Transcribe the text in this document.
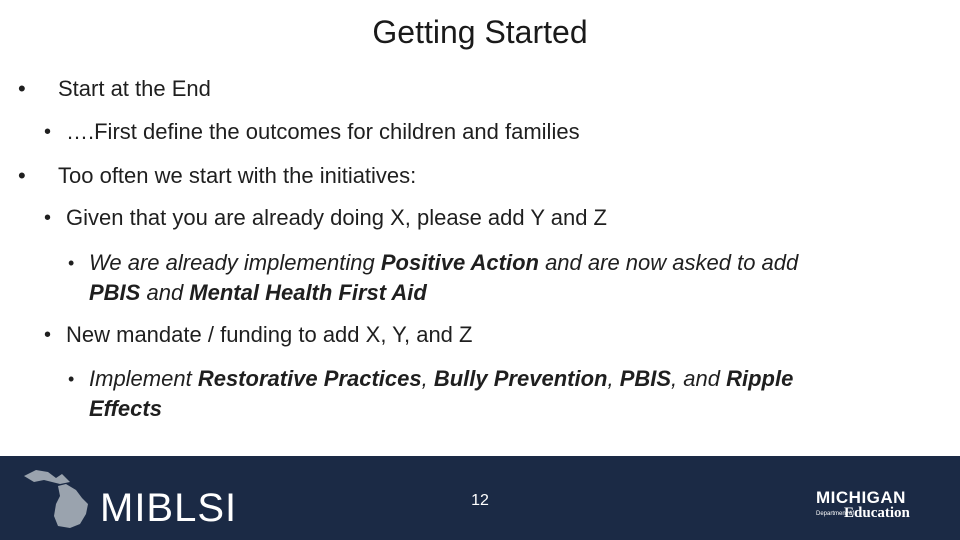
Getting Started
• Start at the End
• ….First define the outcomes for children and families
• Too often we start with the initiatives:
• Given that you are already doing X, please add Y and Z
• We are already implementing Positive Action and are now asked to add
PBIS and Mental Health First Aid
• New mandate / funding to add X, Y, and Z
• Implement Restorative Practices, Bully Prevention, PBIS, and Ripple
Effects
MIBLSI	12	MICHIGAN
Department of
Education
